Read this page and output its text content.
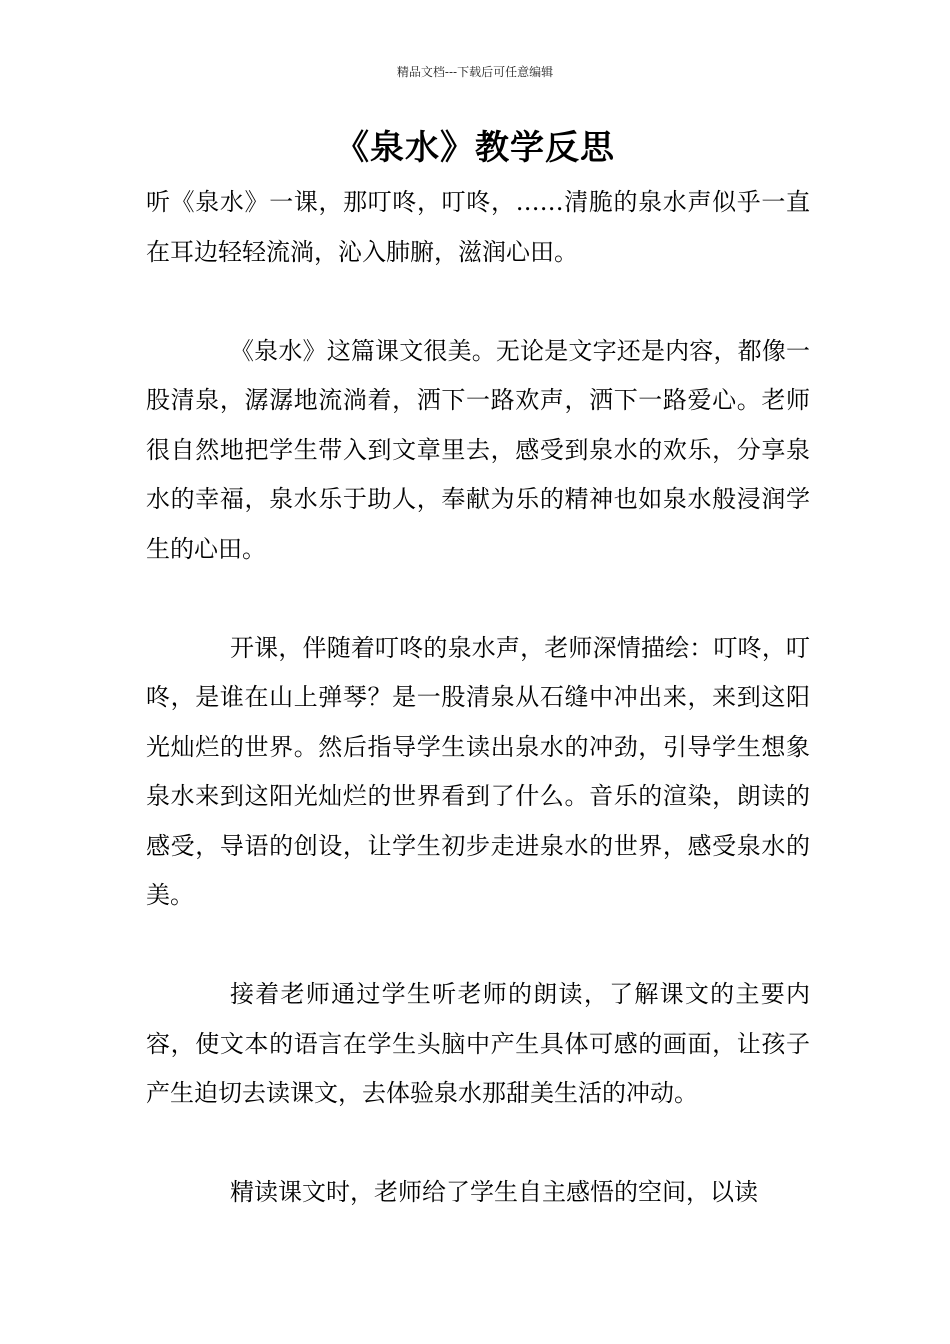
精品文档---下载后可任意编辑
《泉水》教学反思

听《泉水》一课，那叮咚，叮咚，……清脆的泉水声似乎一直在耳边轻轻流淌，沁入肺腑，滋润心田。

《泉水》这篇课文很美。无论是文字还是内容，都像一股清泉，潺潺地流淌着，洒下一路欢声，洒下一路爱心。老师很自然地把学生带入到文章里去，感受到泉水的欢乐，分享泉水的幸福，泉水乐于助人，奉献为乐的精神也如泉水般浸润学生的心田。

开课，伴随着叮咚的泉水声，老师深情描绘：叮咚，叮咚，是谁在山上弹琴？是一股清泉从石缝中冲出来，来到这阳光灿烂的世界。然后指导学生读出泉水的冲劲，引导学生想象泉水来到这阳光灿烂的世界看到了什么。音乐的渲染，朗读的感受，导语的创设，让学生初步走进泉水的世界，感受泉水的美。

接着老师通过学生听老师的朗读，了解课文的主要内容，使文本的语言在学生头脑中产生具体可感的画面，让孩子产生迫切去读课文，去体验泉水那甜美生活的冲动。

精读课文时，老师给了学生自主感悟的空间，以读
